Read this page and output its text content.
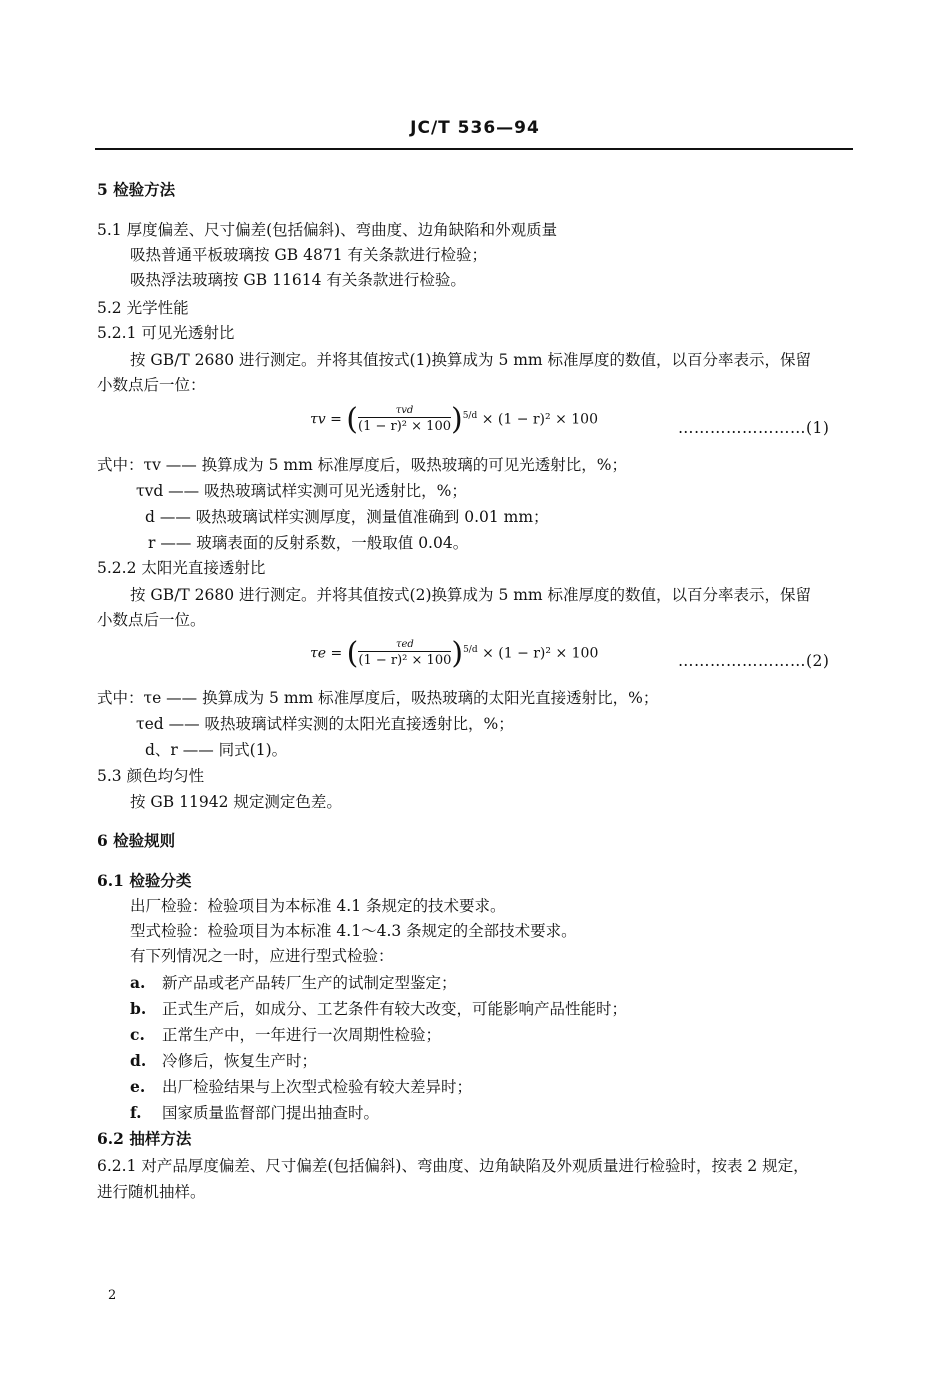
JC/T 536—94
5 检验方法
5.1 厚度偏差、尺寸偏差(包括偏斜)、弯曲度、边角缺陷和外观质量
吸热普通平板玻璃按 GB 4871 有关条款进行检验；
吸热浮法玻璃按 GB 11614 有关条款进行检验。
5.2 光学性能
5.2.1 可见光透射比
按 GB/T 2680 进行测定。并将其值按式(1)换算成为 5 mm 标准厚度的数值，以百分率表示，保留
小数点后一位：
τv = ( $\frac{\text{τvd}}{\text{(1 − r)² × 100}} )^{5/d} \times (1 - r)^2 \times 100$	……………………(1)
式中：τv —— 换算成为 5 mm 标准厚度后，吸热玻璃的可见光透射比，%；
τvd —— 吸热玻璃试样实测可见光透射比，%；
d —— 吸热玻璃试样实测厚度，测量值准确到 0.01 mm；
r —— 玻璃表面的反射系数，一般取值 0.04。
5.2.2 太阳光直接透射比
按 GB/T 2680 进行测定。并将其值按式(2)换算成为 5 mm 标准厚度的数值，以百分率表示，保留
小数点后一位。
τe = ( $\frac{\text{τed}}{\text{(1 − r)² × 100}} )^{5/d} \times (1 - r)^2 \times 100$	……………………(2)
式中：τe —— 换算成为 5 mm 标准厚度后，吸热玻璃的太阳光直接透射比，%；
τed —— 吸热玻璃试样实测的太阳光直接透射比，%；
d、r —— 同式(1)。
5.3 颜色均匀性
按 GB 11942 规定测定色差。
6 检验规则
6.1 检验分类
出厂检验：检验项目为本标准 4.1 条规定的技术要求。
型式检验：检验项目为本标准 4.1～4.3 条规定的全部技术要求。
有下列情况之一时，应进行型式检验：
a. 新产品或老产品转厂生产的试制定型鉴定；
b. 正式生产后，如成分、工艺条件有较大改变，可能影响产品性能时；
c. 正常生产中，一年进行一次周期性检验；
d. 冷修后，恢复生产时；
e. 出厂检验结果与上次型式检验有较大差异时；
f. 国家质量监督部门提出抽查时。
6.2 抽样方法
6.2.1 对产品厚度偏差、尺寸偏差(包括偏斜)、弯曲度、边角缺陷及外观质量进行检验时，按表 2 规定，
进行随机抽样。
2
